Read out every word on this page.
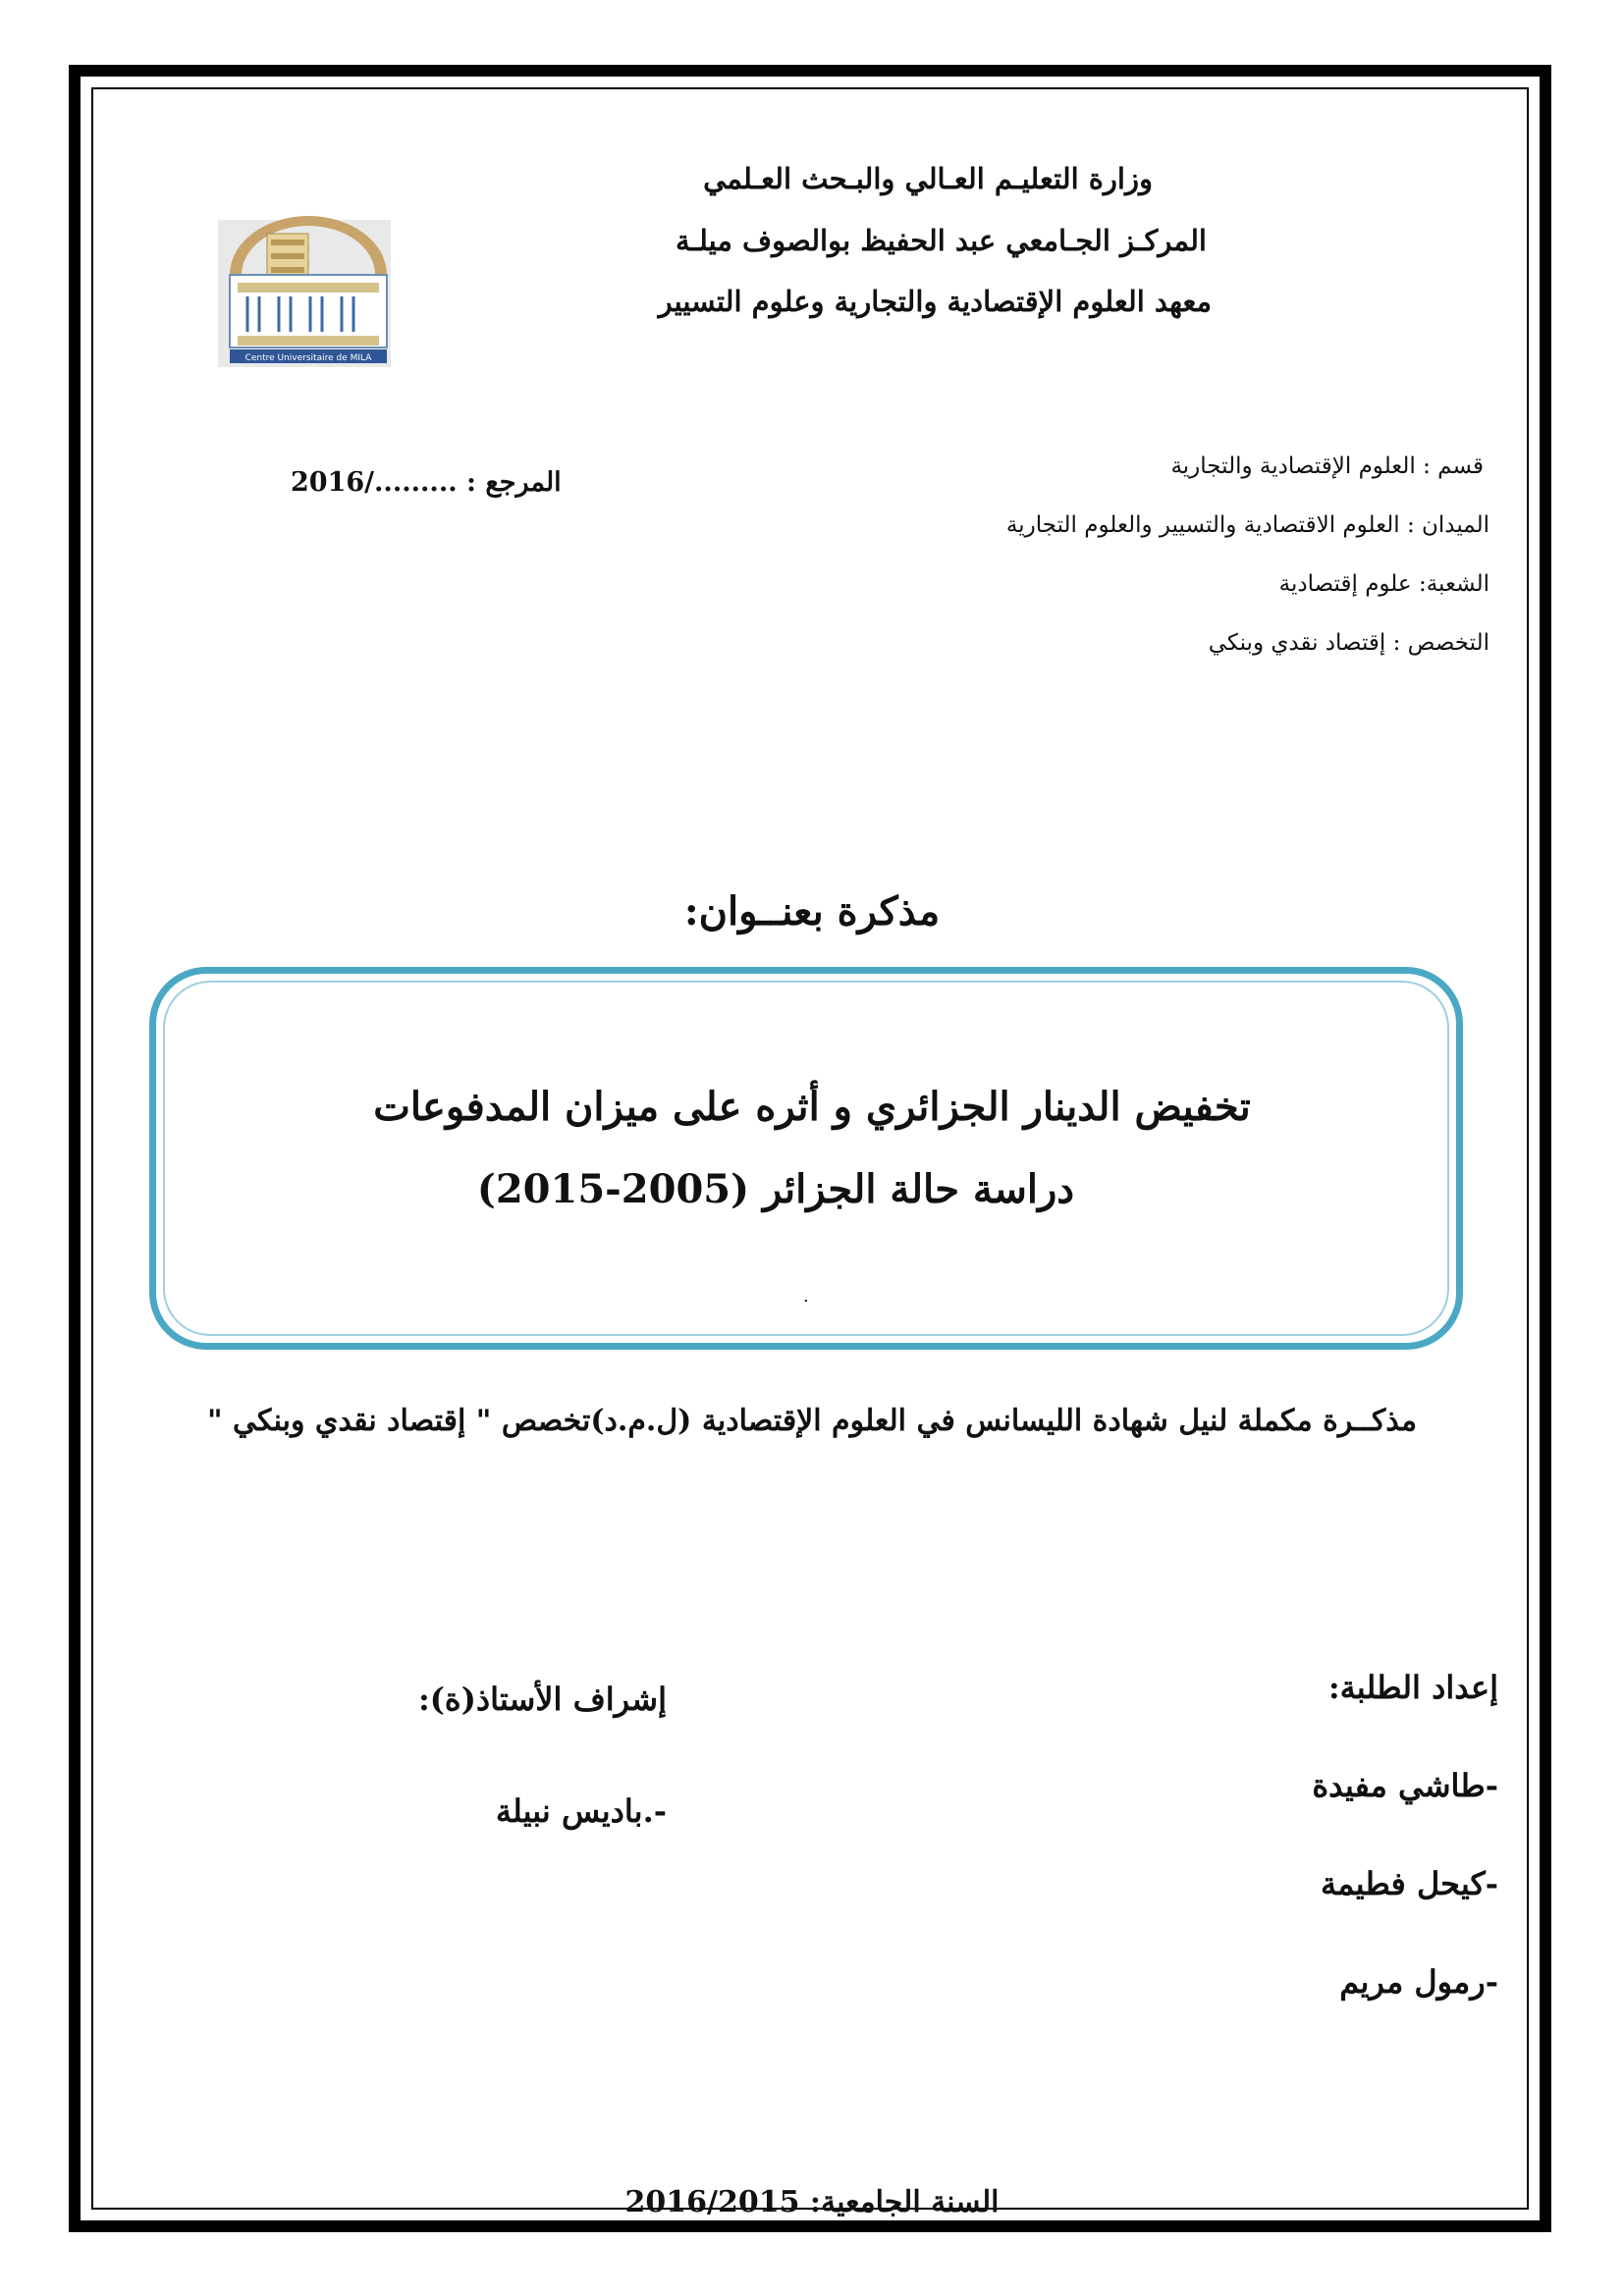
وزارة التعليـم العـالي والبـحث العـلمي
المركـز الجـامعي عبد الحفيظ بوالصوف ميلـة
معهد العلوم الإقتصادية والتجارية وعلوم التسيير
Centre Universitaire de MILA
قسم : العلوم الإقتصادية والتجارية
الميدان : العلوم الاقتصادية والتسيير والعلوم التجارية
الشعبة: علوم إقتصادية
التخصص : إقتصاد نقدي وبنكي
المرجع : ........./2016
مذكرة بعنــوان:
تخفيض الدينار الجزائري و أثره على ميزان المدفوعات
دراسة حالة الجزائر (2005-2015)
.
مذكــرة مكملة لنيل شهادة الليسانس في العلوم الإقتصادية (ل.م.د)تخصص " إقتصاد نقدي وبنكي "
إعداد الطلبة:
-طاشي مفيدة
-كيحل فطيمة
-رمول مريم
إشراف الأستاذ(ة):
-.باديس نبيلة
السنة الجامعية: 2016/2015
